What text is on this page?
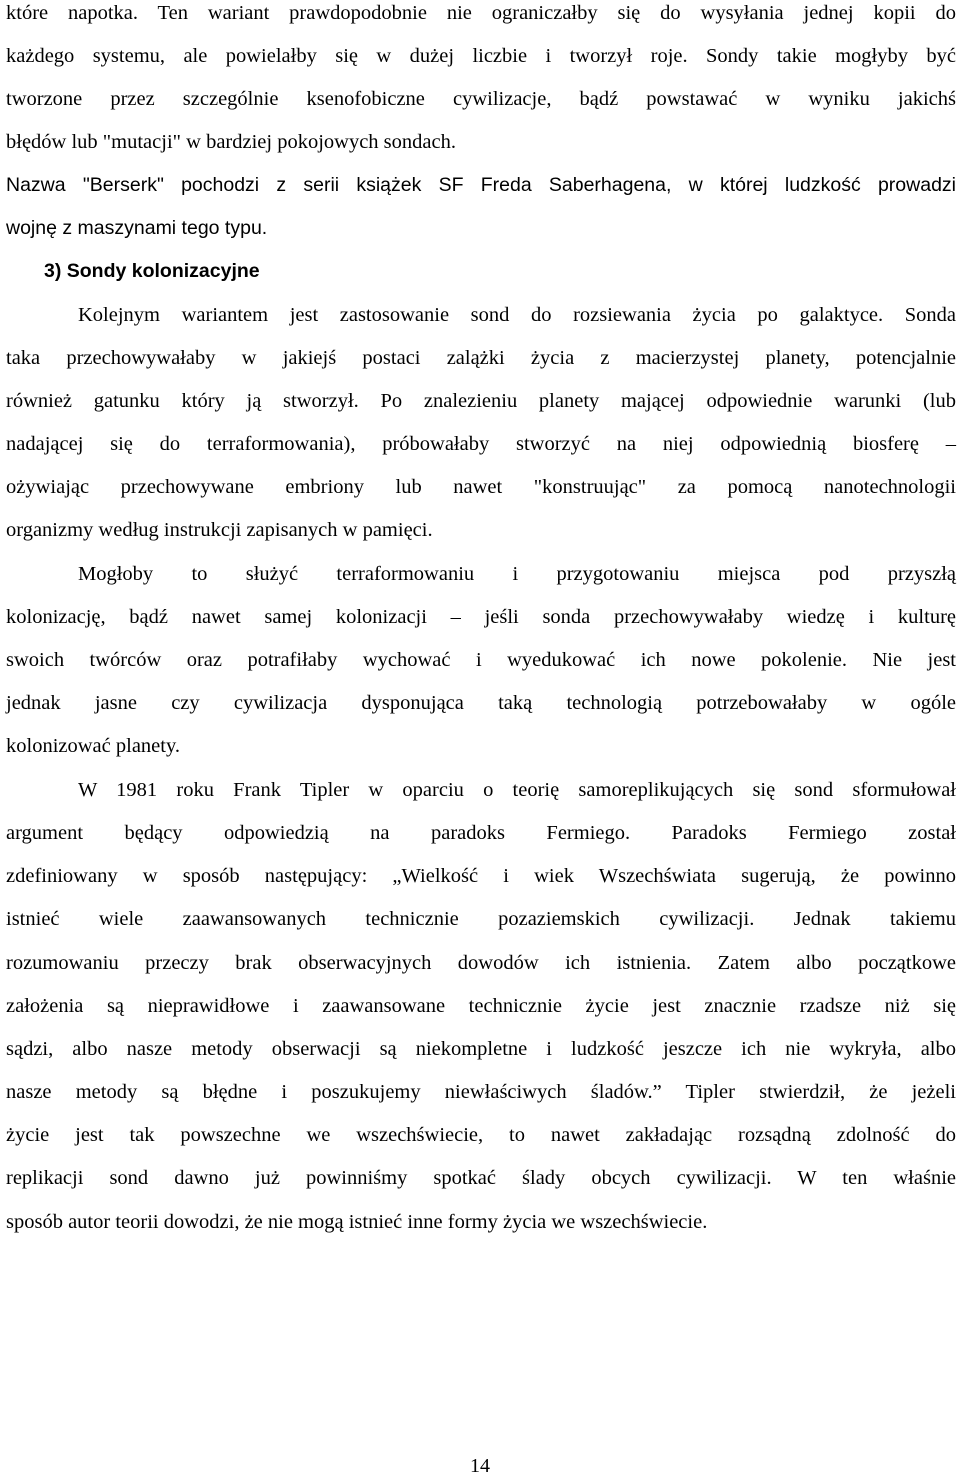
które napotka. Ten wariant prawdopodobnie nie ograniczałby się do wysyłania jednej kopii do
każdego systemu, ale powielałby się w dużej liczbie i tworzył roje. Sondy takie mogłyby być
tworzone przez szczególnie ksenofobiczne cywilizacje, bądź powstawać w wyniku jakichś
błędów lub "mutacji" w bardziej pokojowych sondach.
Nazwa "Berserk" pochodzi z serii książek SF Freda Saberhagena, w której ludzkość prowadzi
wojnę z maszynami tego typu.
3) Sondy kolonizacyjne
Kolejnym wariantem jest zastosowanie sond do rozsiewania życia po galaktyce. Sonda
taka przechowywałaby w jakiejś postaci zalążki życia z macierzystej planety, potencjalnie
również gatunku który ją stworzył. Po znalezieniu planety mającej odpowiednie warunki (lub
nadającej się do terraformowania), próbowałaby stworzyć na niej odpowiednią biosferę –
ożywiając przechowywane embriony lub nawet "konstruując" za pomocą nanotechnologii
organizmy według instrukcji zapisanych w pamięci.
Mogłoby to służyć terraformowaniu i przygotowaniu miejsca pod przyszłą
kolonizację, bądź nawet samej kolonizacji – jeśli sonda przechowywałaby wiedzę i kulturę
swoich twórców oraz potrafiłaby wychować i wyedukować ich nowe pokolenie. Nie jest
jednak jasne czy cywilizacja dysponująca taką technologią potrzebowałaby w ogóle
kolonizować planety.
W 1981 roku Frank Tipler w oparciu o teorię samoreplikujących się sond sformułował
argument będący odpowiedzią na paradoks Fermiego. Paradoks Fermiego został
zdefiniowany w sposób następujący: „Wielkość i wiek Wszechświata sugerują, że powinno
istnieć wiele zaawansowanych technicznie pozaziemskich cywilizacji. Jednak takiemu
rozumowaniu przeczy brak obserwacyjnych dowodów ich istnienia. Zatem albo początkowe
założenia są nieprawidłowe i zaawansowane technicznie życie jest znacznie rzadsze niż się
sądzi, albo nasze metody obserwacji są niekompletne i ludzkość jeszcze ich nie wykryła, albo
nasze metody są błędne i poszukujemy niewłaściwych śladów.” Tipler stwierdził, że jeżeli
życie jest tak powszechne we wszechświecie, to nawet zakładając rozsądną zdolność do
replikacji sond dawno już powinniśmy spotkać ślady obcych cywilizacji. W ten właśnie
sposób autor teorii dowodzi, że nie mogą istnieć inne formy życia we wszechświecie.
14
